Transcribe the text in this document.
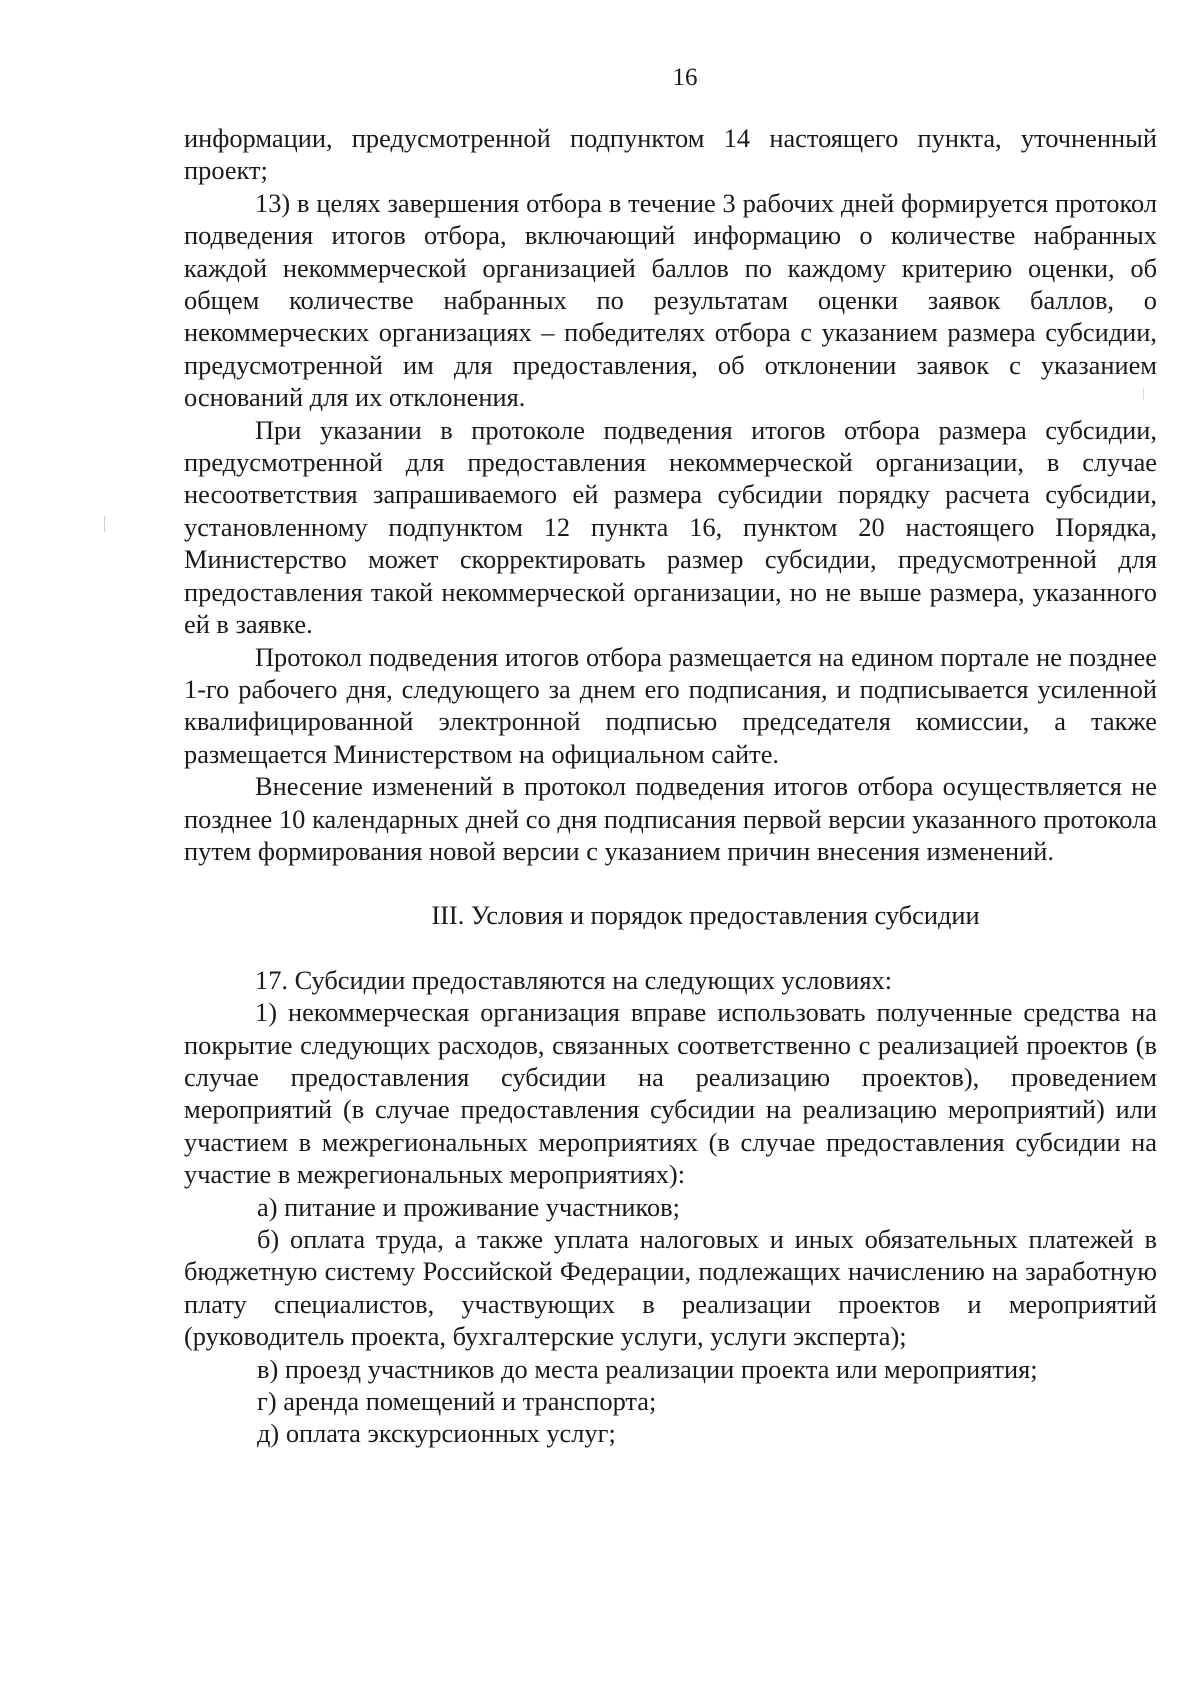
16

информации, предусмотренной подпунктом 14 настоящего пункта, уточненный проект;

13) в целях завершения отбора в течение 3 рабочих дней формируется протокол подведения итогов отбора, включающий информацию о количестве набранных каждой некоммерческой организацией баллов по каждому критерию оценки, об общем количестве набранных по результатам оценки заявок баллов, о некоммерческих организациях – победителях отбора с указанием размера субсидии, предусмотренной им для предоставления, об отклонении заявок с указанием оснований для их отклонения.

При указании в протоколе подведения итогов отбора размера субсидии, предусмотренной для предоставления некоммерческой организации, в случае несоответствия запрашиваемого ей размера субсидии порядку расчета субсидии, установленному подпунктом 12 пункта 16, пунктом 20 настоящего Порядка, Министерство может скорректировать размер субсидии, предусмотренной для предоставления такой некоммерческой организации, но не выше размера, указанного ей в заявке.

Протокол подведения итогов отбора размещается на едином портале не позднее 1-го рабочего дня, следующего за днем его подписания, и подписывается усиленной квалифицированной электронной подписью председателя комиссии, а также размещается Министерством на официальном сайте.

Внесение изменений в протокол подведения итогов отбора осуществляется не позднее 10 календарных дней со дня подписания первой версии указанного протокола путем формирования новой версии с указанием причин внесения изменений.

III. Условия и порядок предоставления субсидии

17. Субсидии предоставляются на следующих условиях:

1) некоммерческая организация вправе использовать полученные средства на покрытие следующих расходов, связанных соответственно с реализацией проектов (в случае предоставления субсидии на реализацию проектов), проведением мероприятий (в случае предоставления субсидии на реализацию мероприятий) или участием в межрегиональных мероприятиях (в случае предоставления субсидии на участие в межрегиональных мероприятиях):

а) питание и проживание участников;

б) оплата труда, а также уплата налоговых и иных обязательных платежей в бюджетную систему Российской Федерации, подлежащих начислению на заработную плату специалистов, участвующих в реализации проектов и мероприятий (руководитель проекта, бухгалтерские услуги, услуги эксперта);

в) проезд участников до места реализации проекта или мероприятия;

г) аренда помещений и транспорта;

д) оплата экскурсионных услуг;
